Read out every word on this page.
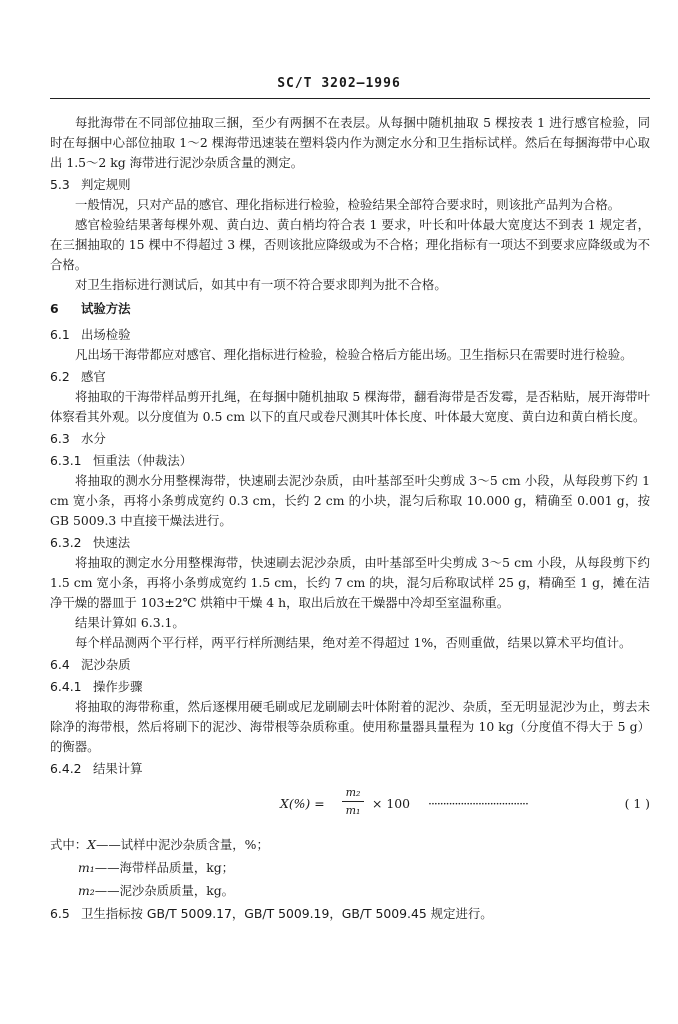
SC/T 3202—1996

每批海带在不同部位抽取三捆，至少有两捆不在表层。从每捆中随机抽取 5 棵按表 1 进行感官检验，同时在每捆中心部位抽取 1～2 棵海带迅速装在塑料袋内作为测定水分和卫生指标试样。然后在每捆海带中心取出 1.5～2 kg 海带进行泥沙杂质含量的测定。

5.3 判定规则

一般情况，只对产品的感官、理化指标进行检验，检验结果全部符合要求时，则该批产品判为合格。

感官检验结果著每棵外观、黄白边、黄白梢均符合表 1 要求，叶长和叶体最大宽度达不到表 1 规定者，在三捆抽取的 15 棵中不得超过 3 棵，否则该批应降级或为不合格；理化指标有一项达不到要求应降级或为不合格。

对卫生指标进行测试后，如其中有一项不符合要求即判为批不合格。

6 试验方法
6.1 出场检验

凡出场干海带都应对感官、理化指标进行检验，检验合格后方能出场。卫生指标只在需要时进行检验。

6.2 感官

将抽取的干海带样品剪开扎绳，在每捆中随机抽取 5 棵海带，翻看海带是否发霉，是否粘贴，展开海带叶体察看其外观。以分度值为 0.5 cm 以下的直尺或卷尺测其叶体长度、叶体最大宽度、黄白边和黄白梢长度。

6.3 水分
6.3.1 恒重法（仲裁法）

将抽取的测水分用整棵海带，快速刷去泥沙杂质，由叶基部至叶尖剪成 3～5 cm 小段，从每段剪下约 1 cm 宽小条，再将小条剪成宽约 0.3 cm，长约 2 cm 的小块，混匀后称取 10.000 g，精确至 0.001 g，按 GB 5009.3 中直接干燥法进行。

6.3.2 快速法

将抽取的测定水分用整棵海带，快速刷去泥沙杂质，由叶基部至叶尖剪成 3～5 cm 小段，从每段剪下约 1.5 cm 宽小条，再将小条剪成宽约 1.5 cm，长约 7 cm 的块，混匀后称取试样 25 g，精确至 1 g，摊在洁净干燥的器皿于 103±2℃ 烘箱中干燥 4 h，取出后放在干燥器中冷却至室温称重。

结果计算如 6.3.1。

每个样品测两个平行样，两平行样所测结果，绝对差不得超过 1%，否则重做，结果以算术平均值计。

6.4 泥沙杂质
6.4.1 操作步骤

将抽取的海带称重，然后逐棵用硬毛刷或尼龙刷刷去叶体附着的泥沙、杂质，至无明显泥沙为止，剪去未除净的海带根，然后将刷下的泥沙、海带根等杂质称重。使用称量器具量程为 10 kg（分度值不得大于 5 g）的衡器。

6.4.2 结果计算
X(%) =
m₂
m₁ × 100 ··································	( 1 )

式中：X——试样中泥沙杂质含量，%；

m₁——海带样品质量，kg；

m₂——泥沙杂质质量，kg。

6.5 卫生指标按 GB/T 5009.17，GB/T 5009.19，GB/T 5009.45 规定进行。
